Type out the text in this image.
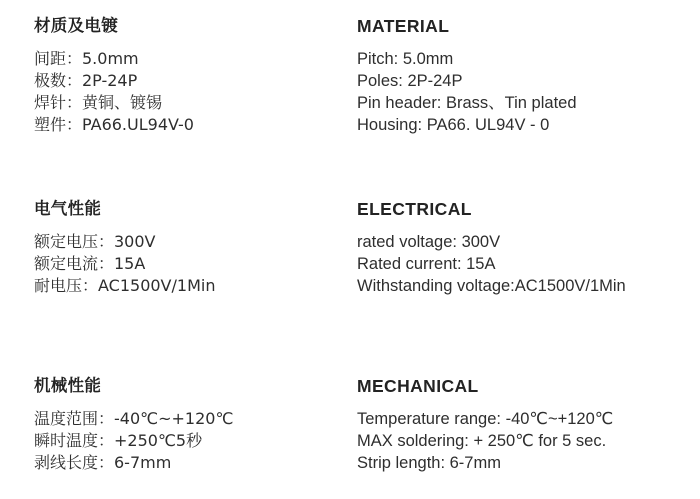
材质及电镀
间距：5.0mm
极数：2P-24P
焊针：黄铜、镀锡
塑件：PA66.UL94V-0
电气性能
额定电压：300V
额定电流：15A
耐电压：AC1500V/1Min
机械性能
温度范围：-40℃~+120℃
瞬时温度：+250℃5秒
剥线长度：6-7mm
MATERIAL
Pitch: 5.0mm
Poles: 2P-24P
Pin header: Brass、Tin plated
Housing: PA66. UL94V - 0
ELECTRICAL
rated voltage: 300V
Rated current: 15A
Withstanding voltage:AC1500V/1Min
MECHANICAL
Temperature range: -40℃~+120℃
MAX soldering: + 250℃ for 5 sec.
Strip length: 6-7mm
